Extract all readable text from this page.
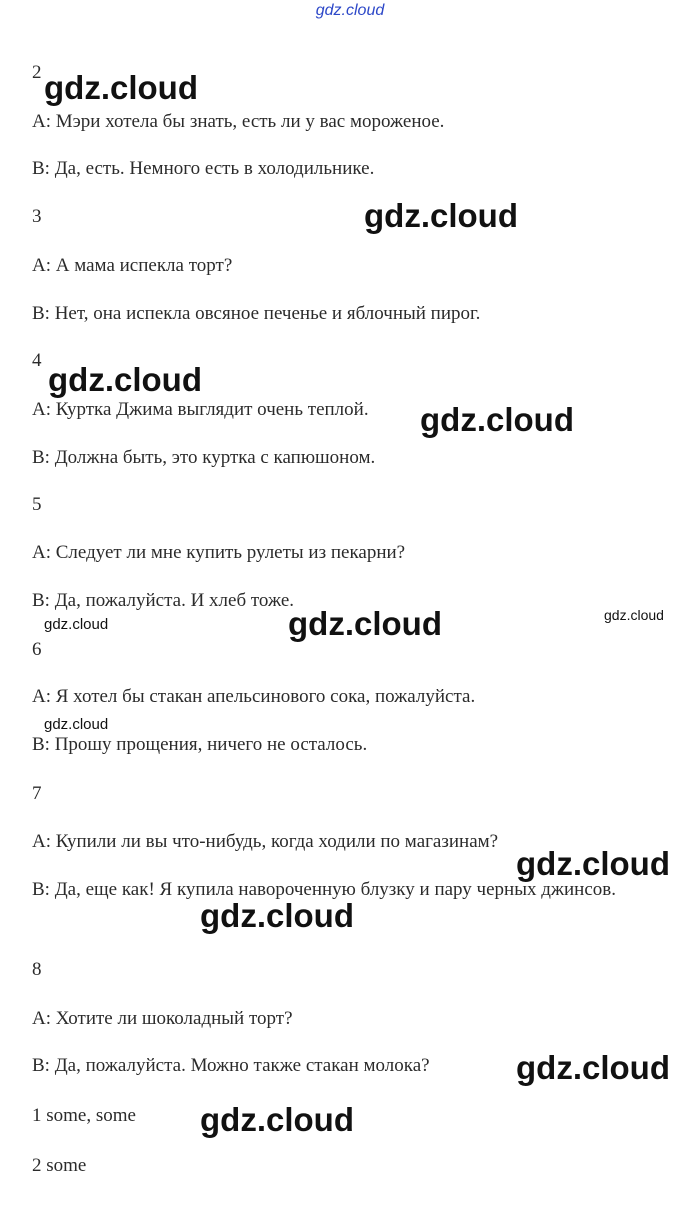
gdz.cloud
2
А: Мэри хотела бы знать, есть ли у вас мороженое.
В: Да, есть. Немного есть в холодильнике.
3
А: А мама испекла торт?
В: Нет, она испекла овсяное печенье и яблочный пирог.
4
А: Куртка Джима выглядит очень теплой.
В: Должна быть, это куртка с капюшоном.
5
А: Следует ли мне купить рулеты из пекарни?
В: Да, пожалуйста. И хлеб тоже.
6
А: Я хотел бы стакан апельсинового сока, пожалуйста.
В: Прошу прощения, ничего не осталось.
7
А: Купили ли вы что-нибудь, когда ходили по магазинам?
В: Да, еще как! Я купила навороченную блузку и пару черных джинсов.
8
А: Хотите ли шоколадный торт?
В: Да, пожалуйста. Можно также стакан молока?
1 some, some
2 some
gdz.cloud
gdz.cloud
gdz.cloud
gdz.cloud
gdz.cloud	gdz.cloud	gdz.cloud
gdz.cloud
gdz.cloud
gdz.cloud
gdz.cloud
gdz.cloud
